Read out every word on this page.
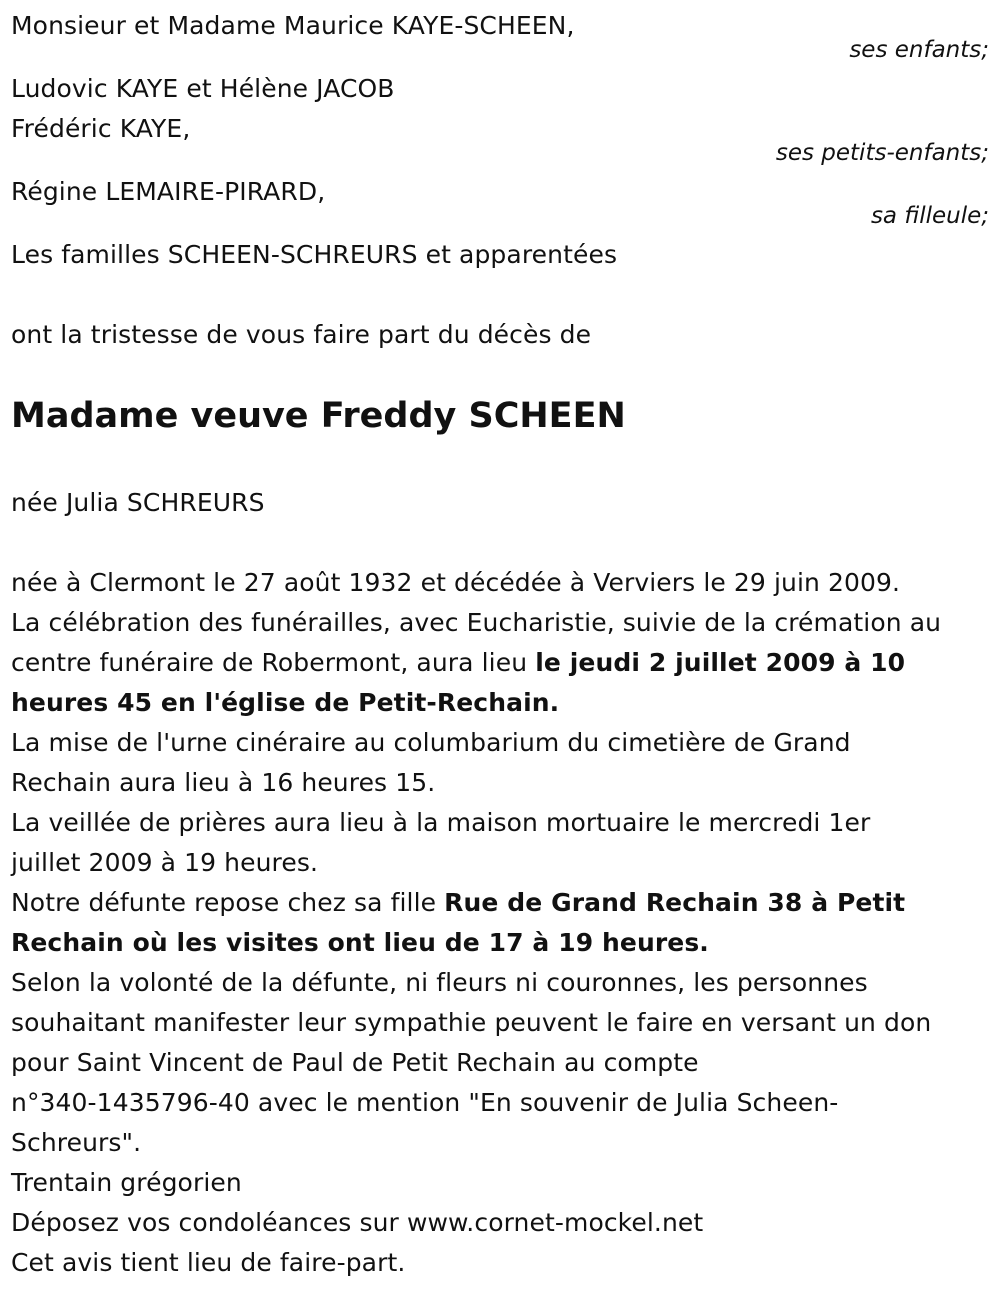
Monsieur et Madame Maurice KAYE-SCHEEN,
ses enfants;
Ludovic KAYE et Hélène JACOB
Frédéric KAYE,
ses petits-enfants;
Régine LEMAIRE-PIRARD,
sa filleule;
Les familles SCHEEN-SCHREURS et apparentées
ont la tristesse de vous faire part du décès de
Madame veuve Freddy SCHEEN
née Julia SCHREURS
née à Clermont le 27 août 1932 et décédée à Verviers le 29 juin 2009.
La célébration des funérailles, avec Eucharistie, suivie de la crémation au
centre funéraire de Robermont, aura lieu le jeudi 2 juillet 2009 à 10
heures 45 en l'église de Petit-Rechain.
La mise de l'urne cinéraire au columbarium du cimetière de Grand
Rechain aura lieu à 16 heures 15.
La veillée de prières aura lieu à la maison mortuaire le mercredi 1er
juillet 2009 à 19 heures.
Notre défunte repose chez sa fille Rue de Grand Rechain 38 à Petit
Rechain où les visites ont lieu de 17 à 19 heures.
Selon la volonté de la défunte, ni fleurs ni couronnes, les personnes
souhaitant manifester leur sympathie peuvent le faire en versant un don
pour Saint Vincent de Paul de Petit Rechain au compte
n°340-1435796-40 avec le mention "En souvenir de Julia Scheen-
Schreurs".
Trentain grégorien
Déposez vos condoléances sur www.cornet-mockel.net
Cet avis tient lieu de faire-part.
